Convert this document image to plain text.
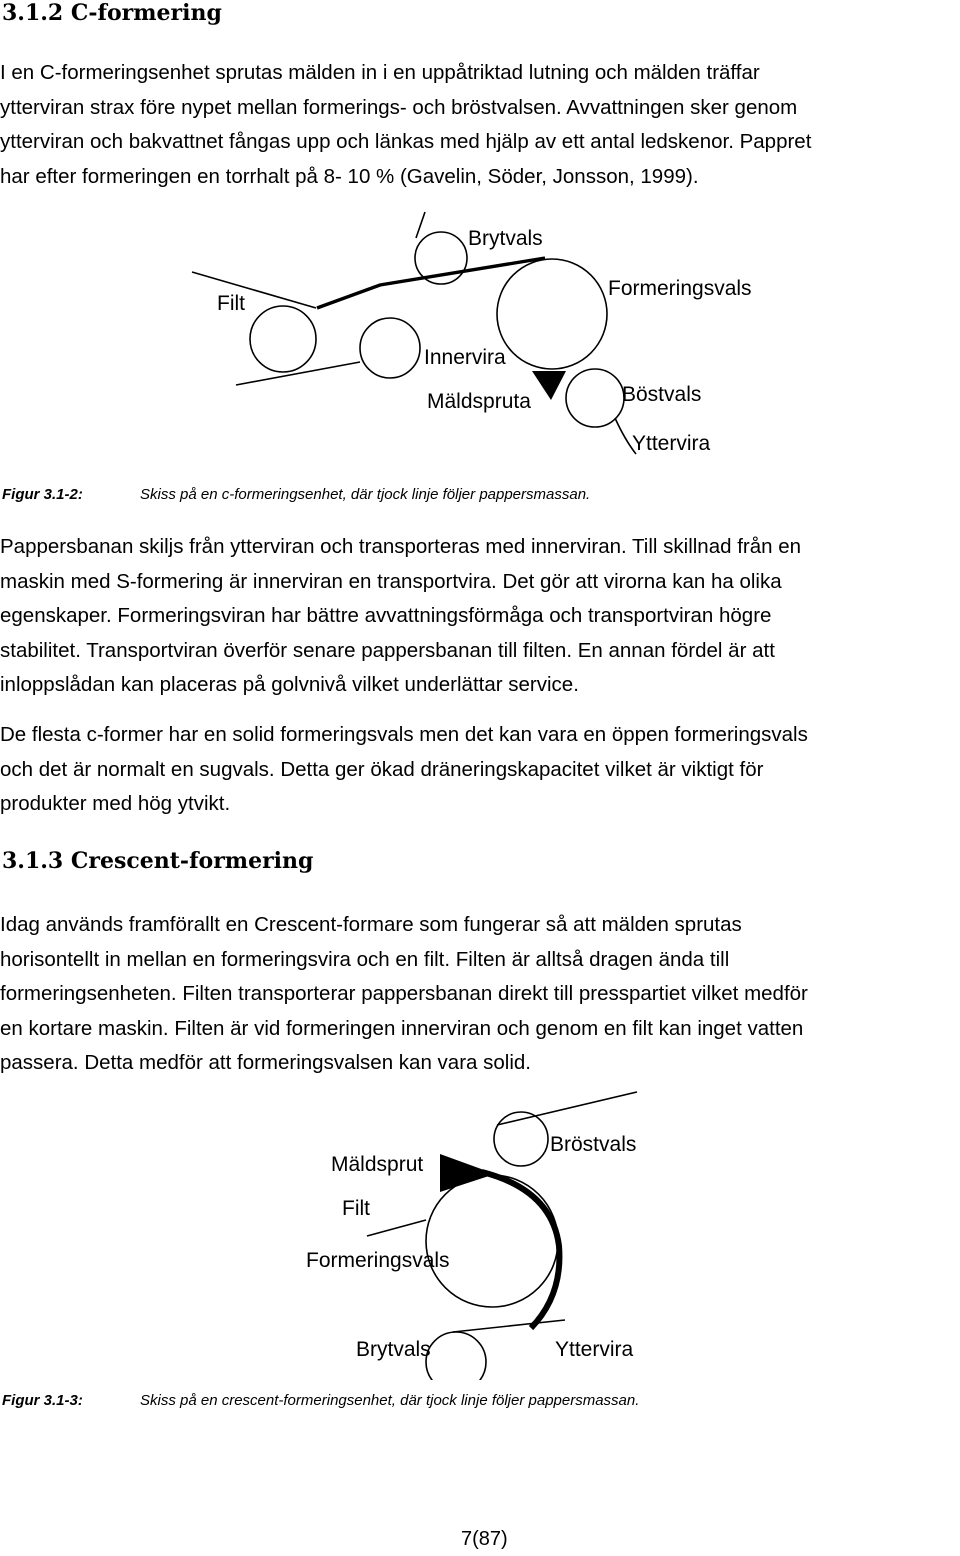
3.1.2 C-formering

I en C-formeringsenhet sprutas mälden in i en uppåtriktad lutning och mälden träffar
ytterviran strax före nypet mellan formerings- och bröstvalsen. Avvattningen sker genom
ytterviran och bakvattnet fångas upp och länkas med hjälp av ett antal ledskenor. Pappret
har efter formeringen en torrhalt på 8- 10 % (Gavelin, Söder, Jonsson, 1999).

Brytvals
Formeringsvals
Filt
Innervira
Mäldspruta	Böstvals
Yttervira
Figur 3.1-2:	Skiss på en c-formeringsenhet, där tjock linje följer pappersmassan.

Pappersbanan skiljs från ytterviran och transporteras med innerviran. Till skillnad från en
maskin med S-formering är innerviran en transportvira. Det gör att virorna kan ha olika
egenskaper. Formeringsviran har bättre avvattningsförmåga och transportviran högre
stabilitet. Transportviran överför senare pappersbanan till filten. En annan fördel är att
inloppslådan kan placeras på golvnivå vilket underlättar service.

De flesta c-former har en solid formeringsvals men det kan vara en öppen formeringsvals
och det är normalt en sugvals. Detta ger ökad dräneringskapacitet vilket är viktigt för
produkter med hög ytvikt.

3.1.3 Crescent-formering

Idag används framförallt en Crescent-formare som fungerar så att mälden sprutas
horisontellt in mellan en formeringsvira och en filt. Filten är alltså dragen ända till
formeringsenheten. Filten transporterar pappersbanan direkt till presspartiet vilket medför
en kortare maskin. Filten är vid formeringen innerviran och genom en filt kan inget vatten
passera. Detta medför att formeringsvalsen kan vara solid.

Bröstvals
Mäldsprut
Filt
Formeringsvals
Brytvals	Yttervira
Figur 3.1-3:	Skiss på en crescent-formeringsenhet, där tjock linje följer pappersmassan.
7(87)
